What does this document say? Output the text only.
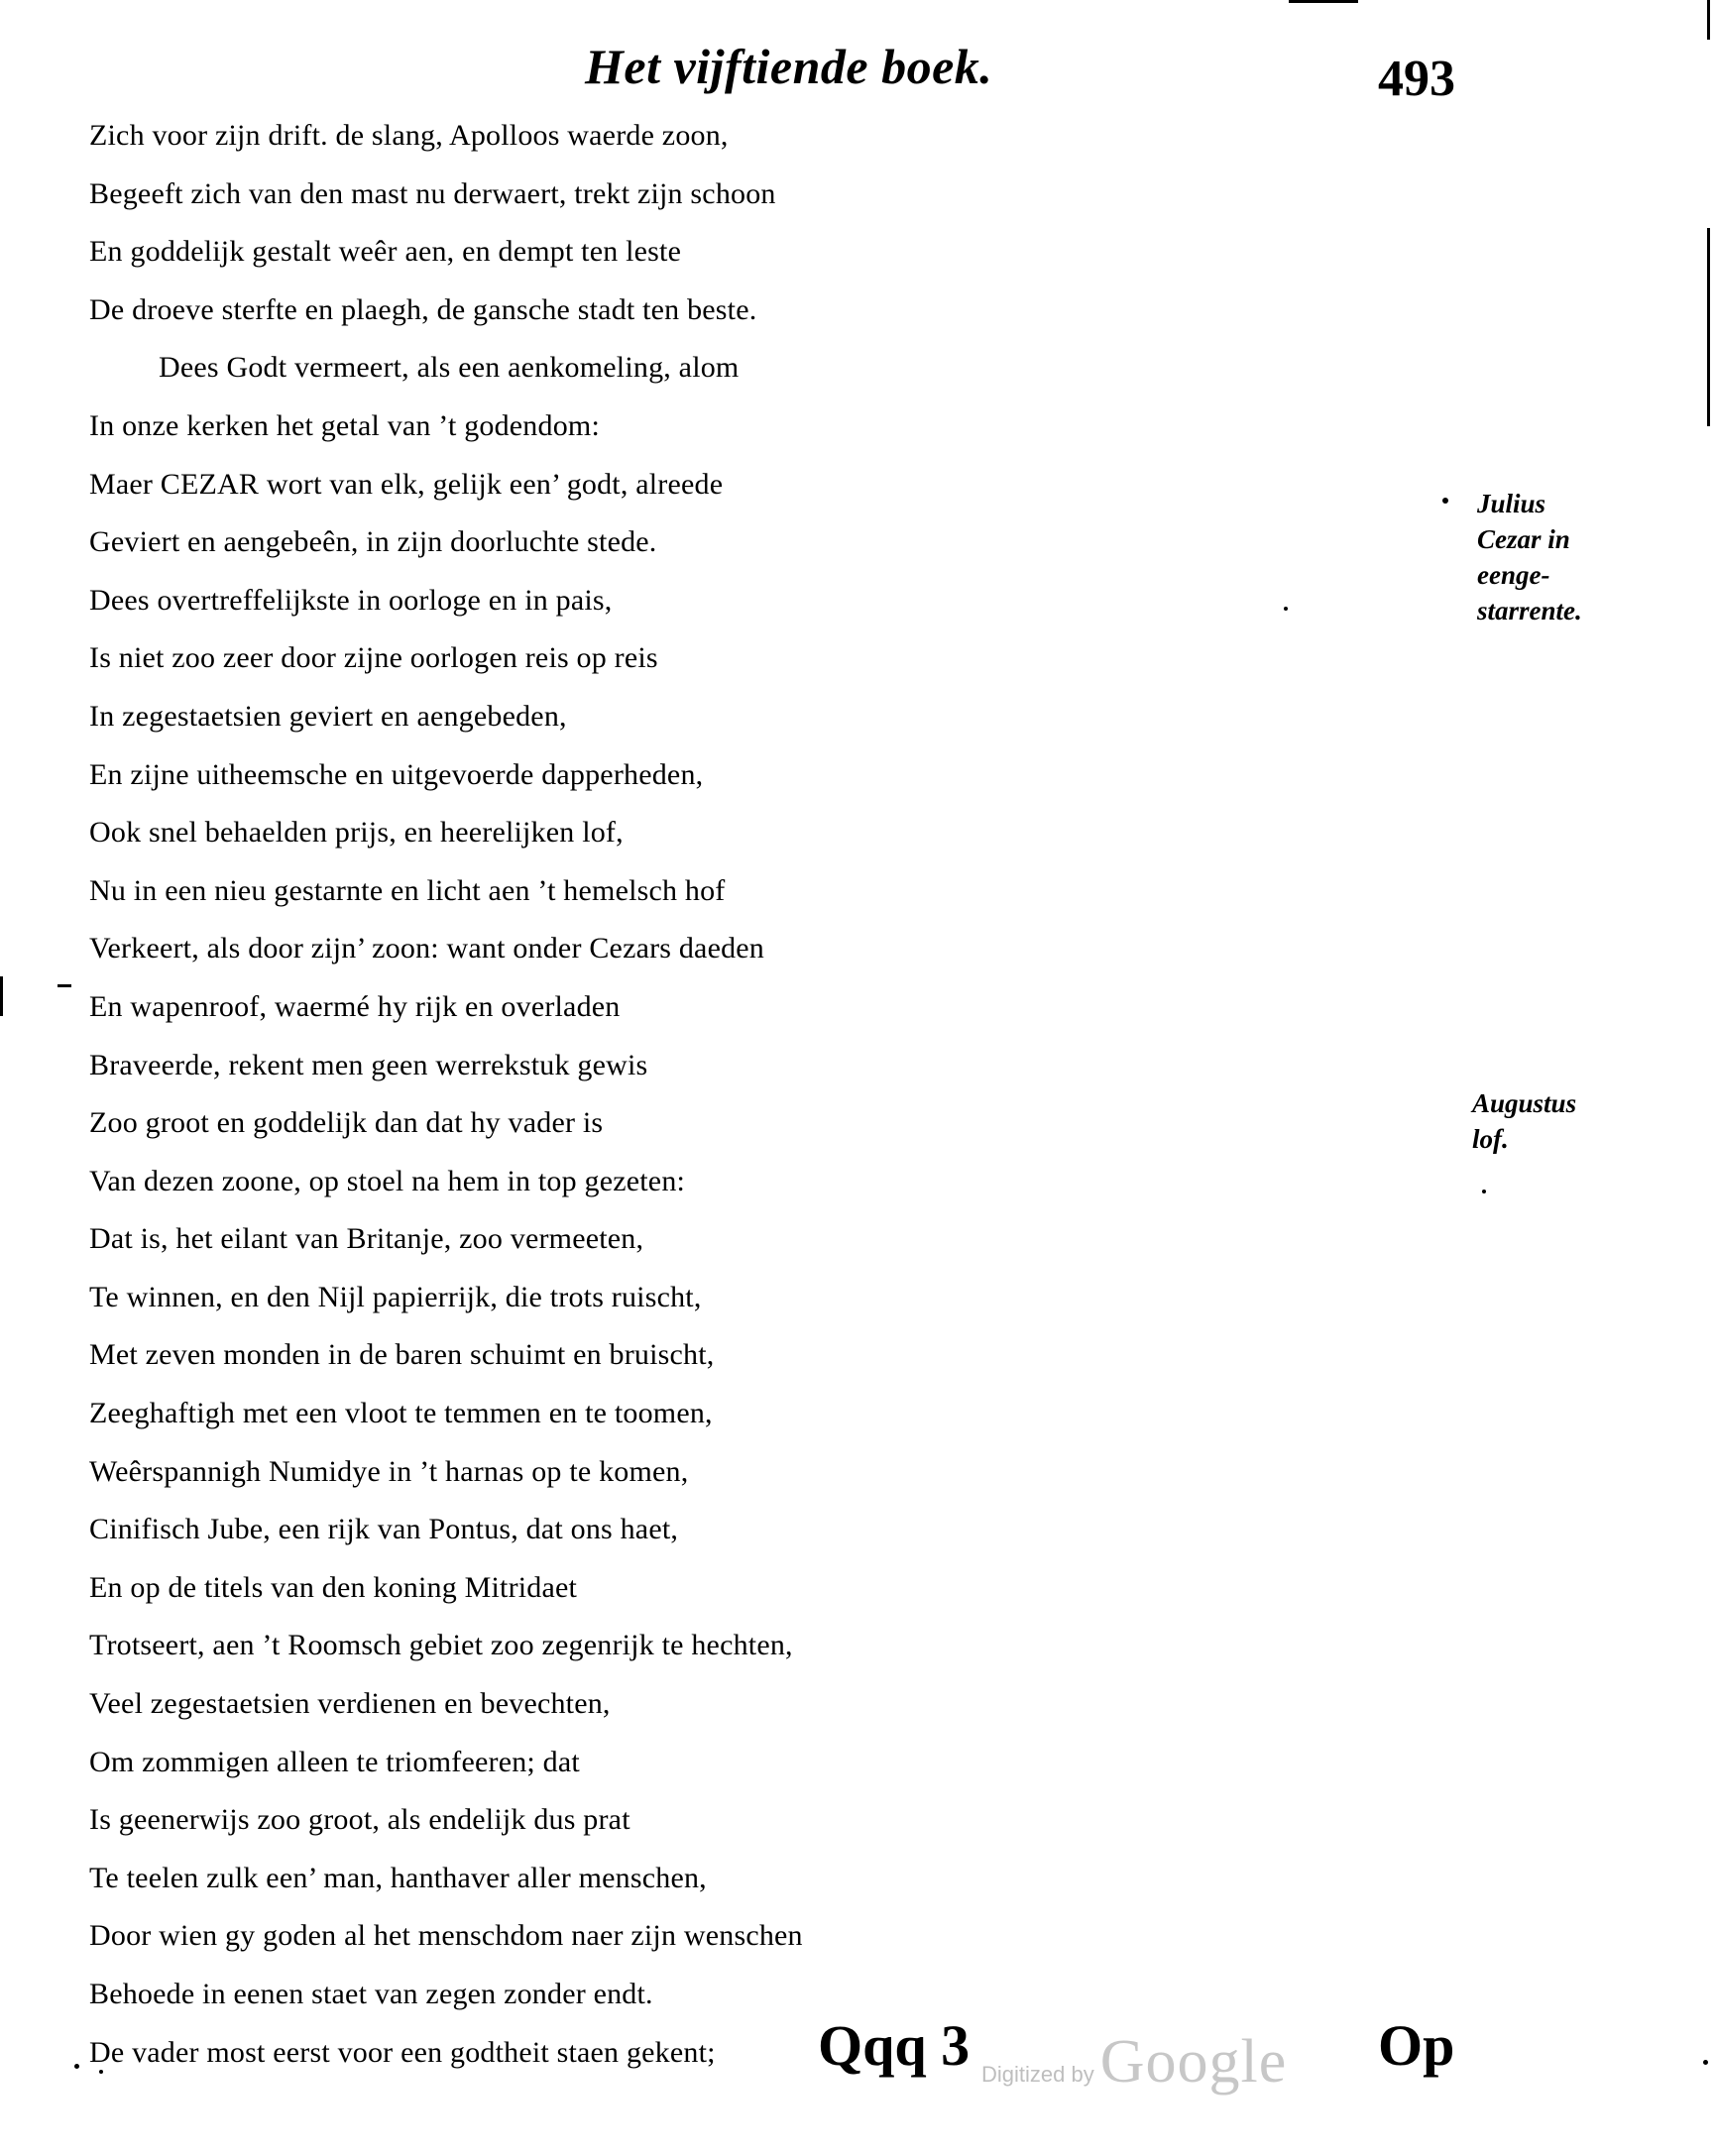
Het vijftiende boek.	493
Zich voor zijn drift. de slang, Apolloos waerde zoon,
Begeeft zich van den mast nu derwaert, trekt zijn schoon
En goddelijk gestalt weêr aen, en dempt ten leste
De droeve sterfte en plaegh, de gansche stadt ten beste.
Dees Godt vermeert, als een aenkomeling, alom
In onze kerken het getal van ’t godendom:
Maer CEZAR wort van elk, gelijk een’ godt, alreede
Geviert en aengebeên, in zijn doorluchte stede.
Dees overtreffelijkste in oorloge en in pais,
Is niet zoo zeer door zijne oorlogen reis op reis
In zegestaetsien geviert en aengebeden,
En zijne uitheemsche en uitgevoerde dapperheden,
Ook snel behaelden prijs, en heerelijken lof,
Nu in een nieu gestarnte en licht aen ’t hemelsch hof
Verkeert, als door zijn’ zoon: want onder Cezars daeden
En wapenroof, waermé hy rijk en overladen
Braveerde, rekent men geen werrekstuk gewis
Zoo groot en goddelijk dan dat hy vader is
Van dezen zoone, op stoel na hem in top gezeten:
Dat is, het eilant van Britanje, zoo vermeeten,
Te winnen, en den Nijl papierrijk, die trots ruischt,
Met zeven monden in de baren schuimt en bruischt,
Zeeghaftigh met een vloot te temmen en te toomen,
Weêrspannigh Numidye in ’t harnas op te komen,
Cinifisch Jube, een rijk van Pontus, dat ons haet,
En op de titels van den koning Mitridaet
Trotseert, aen ’t Roomsch gebiet zoo zegenrijk te hechten,
Veel zegestaetsien verdienen en bevechten,
Om zommigen alleen te triomfeeren; dat
Is geenerwijs zoo groot, als endelijk dus prat
Te teelen zulk een’ man, hanthaver aller menschen,
Door wien gy goden al het menschdom naer zijn wenschen
Behoede in eenen staet van zegen zonder endt.
De vader most eerst voor een godtheit staen gekent;
Julius
Cezar in
eenge-
starrente.
Augustus
lof.
Qqq 3	Op
Digitized by Google
